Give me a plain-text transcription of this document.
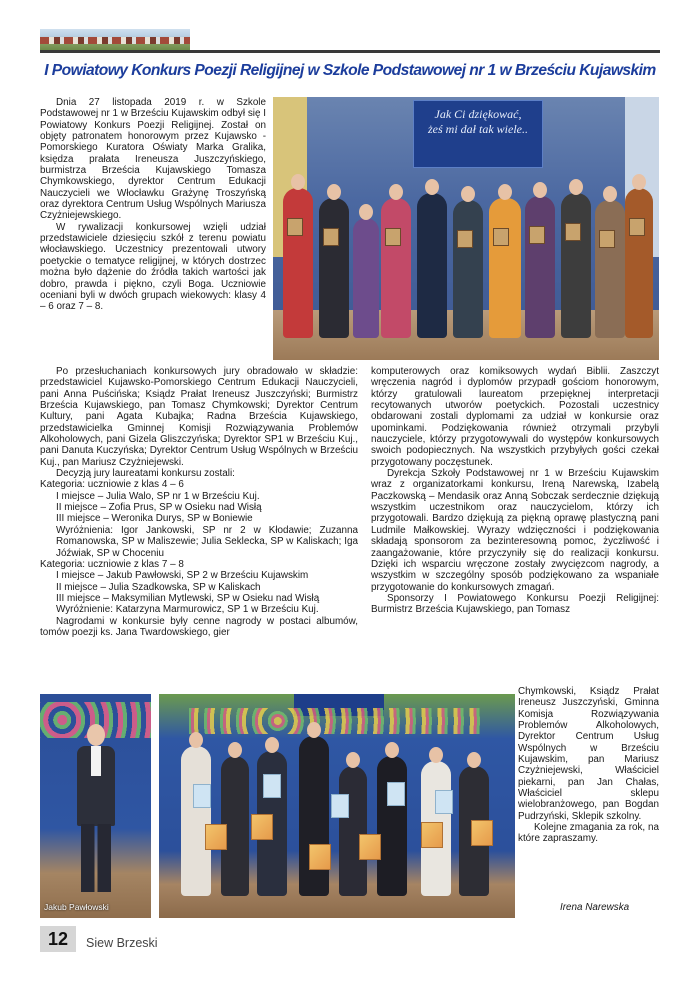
I Powiatowy Konkurs Poezji Religijnej w Szkole Podstawowej nr 1 w Brześciu Kujawskim

Dnia 27 listopada 2019 r. w Szkole Podstawowej nr 1 w Brześciu Kujawskim odbył się I Powiatowy Konkurs Poezji Religijnej. Został on objęty patronatem honorowym przez Kujawsko - Pomorskiego Kuratora Oświaty Marka Gralika, księdza prałata Ireneusza Juszczyńskiego, burmistrza Brześcia Kujawskiego Tomasza Chymkowskiego, dyrektor Centrum Edukacji Nauczycieli we Włocławku Grażynę Troszyńską oraz dyrektora Centrum Usług Wspólnych Mariusza Czyżniejewskiego.

W rywalizacji konkursowej wzięli udział przedstawiciele dziesięciu szkół z terenu powiatu włocławskiego. Uczestnicy prezentowali utwory poetyckie o tematyce religijnej, w których dostrzec można było dążenie do źródła takich wartości jak dobro, prawda i piękno, czyli Boga. Uczniowie oceniani byli w dwóch grupach wiekowych: klasy 4 – 6 oraz 7 – 8.

Jak Ci dziękować,
żeś mi dał tak wiele..

Po przesłuchaniach konkursowych jury obradowało w składzie: przedstawiciel Kujawsko-Pomorskiego Centrum Edukacji Nauczycieli, pani Anna Puścińska; Ksiądz Prałat Ireneusz Juszczyński; Burmistrz Brześcia Kujawskiego, pan Tomasz Chymkowski; Dyrektor Centrum Kultury, pani Agata Kubajka; Radna Brześcia Kujawskiego, przedstawicielka Gminnej Komisji Rozwiązywania Problemów Alkoholowych, pani Gizela Gliszczyńska; Dyrektor SP1 w Brześciu Kuj., pani Danuta Kuczyńska; Dyrektor Centrum Usług Wspólnych w Brześciu Kuj., pan Mariusz Czyżniejewski.

Decyzją jury laureatami konkursu zostali:

Kategoria: uczniowie z klas 4 – 6

I miejsce – Julia Walo, SP nr 1 w Brześciu Kuj.

II miejsce – Zofia Prus, SP w Osieku nad Wisłą

III miejsce – Weronika Durys, SP w Boniewie

Wyróżnienia: Igor Jankowski, SP nr 2 w Kłodawie; Zuzanna Romanowska, SP w Maliszewie; Julia Seklecka, SP w Kaliskach; Iga Jóźwiak, SP w Choceniu

Kategoria: uczniowie z klas 7 – 8

I miejsce – Jakub Pawłowski, SP 2 w Brześciu Kujawskim

II miejsce – Julia Szadkowska, SP w Kaliskach

III miejsce – Maksymilian Mytlewski, SP w Osieku nad Wisłą

Wyróżnienie: Katarzyna Marmurowicz, SP 1 w Brześciu Kuj.

Nagrodami w konkursie były cenne nagrody w postaci albumów, tomów poezji ks. Jana Twardowskiego, gier

komputerowych oraz komiksowych wydań Biblii. Zaszczyt wręczenia nagród i dyplomów przypadł gościom honorowym, którzy gratulowali laureatom przepięknej interpretacji recytowanych utworów poetyckich. Pozostali uczestnicy obdarowani zostali dyplomami za udział w konkursie oraz upominkami. Podziękowania również otrzymali przybyli nauczyciele, którzy przygotowywali do występów konkursowych swoich podopiecznych. Na wszystkich przybyłych gości czekał przygotowany poczęstunek.

Dyrekcja Szkoły Podstawowej nr 1 w Brześciu Kujawskim wraz z organizatorkami konkursu, Ireną Narewską, Izabelą Paczkowską – Mendasik oraz Anną Sobczak serdecznie dziękują wszystkim uczestnikom oraz nauczycielom, którzy ich przygotowali. Bardzo dziękują za piękną oprawę plastyczną pani Ludmile Małkowskiej. Wyrazy wdzięczności i podziękowania składają sponsorom za bezinteresowną pomoc, życzliwość i zaangażowanie, które przyczyniły się do realizacji konkursu. Dzięki ich wsparciu wręczone zostały zwycięzcom nagrody, a wszystkim w szczególny sposób podziękowano za wspaniałe przygotowanie do konkursowych zmagań.

Sponsorzy I Powiatowego Konkursu Poezji Religijnej: Burmistrz Brześcia Kujawskiego, pan Tomasz

Chymkowski, Ksiądz Prałat Ireneusz Juszczyński, Gminna Komisja Rozwiązywania Problemów Alkoholowych, Dyrektor Centrum Usług Wspólnych w Brześciu Kujawskim, pan Mariusz Czyżniejewski, Właściciel piekarni, pan Jan Chałas, Właściciel sklepu wielobranżowego, pan Bogdan Pudrzyński, Sklepik szkolny.

Kolejne zmagania za rok, na które zapraszamy.

Jakub Pawłowski	Irena Narewska
12	Siew Brzeski
